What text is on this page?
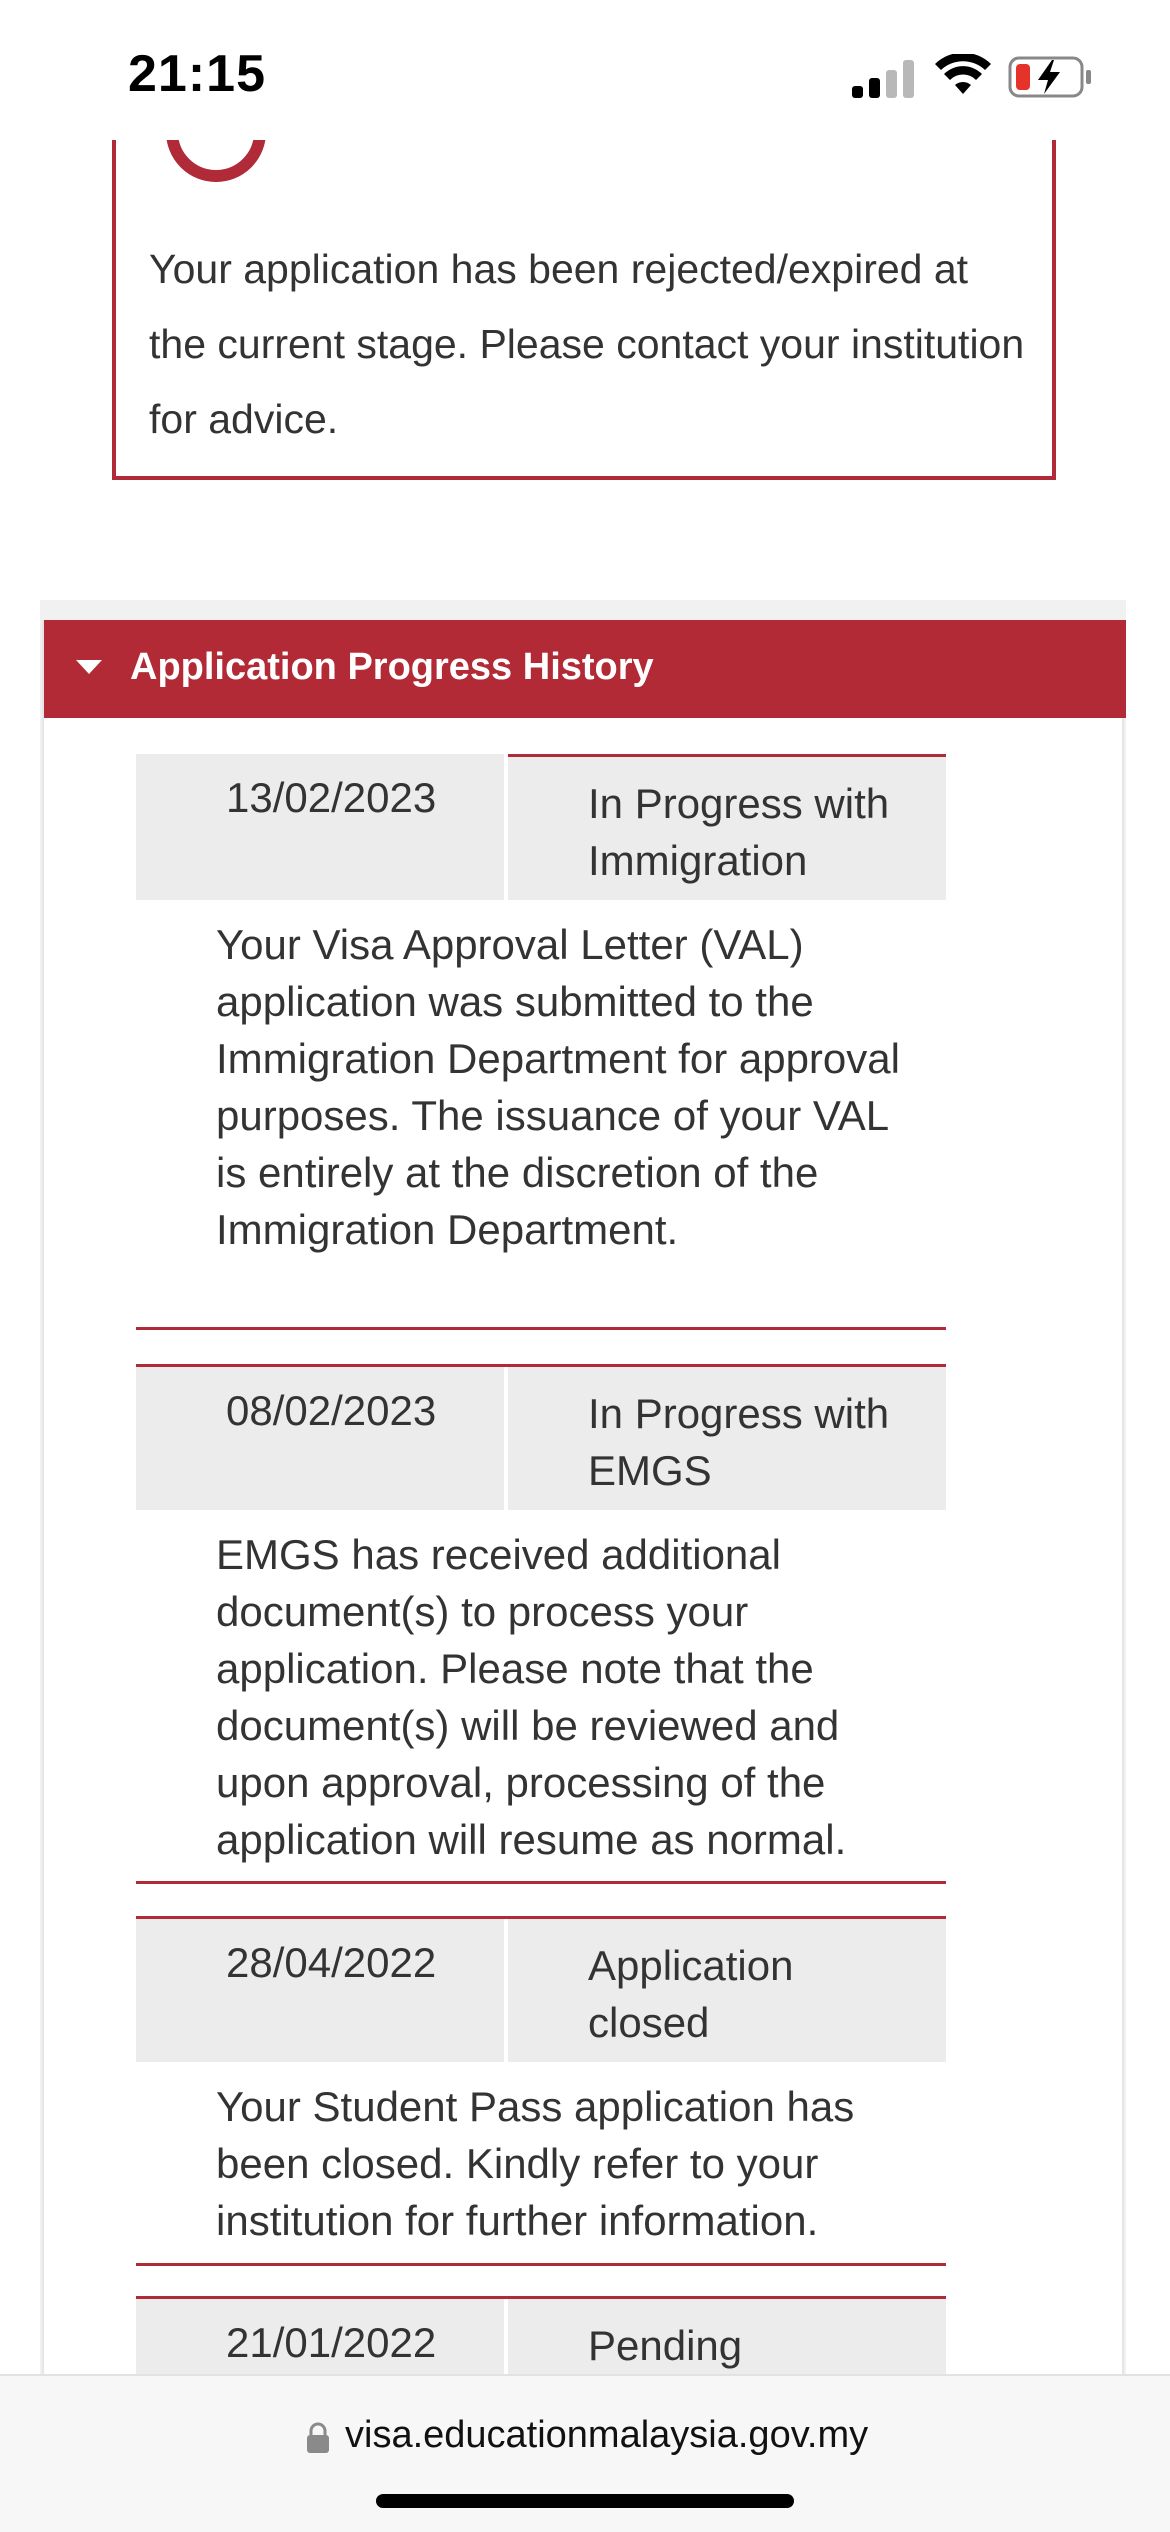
21:15
Your application has been rejected/expired at the current stage. Please contact your institution for advice.
Application Progress History
13/02/2023	In Progress with
Immigration
Your Visa Approval Letter (VAL) application was submitted to the Immigration Department for approval purposes. The issuance of your VAL is entirely at the discretion of the Immigration Department.
08/02/2023	In Progress with
EMGS
EMGS has received additional document(s) to process your application. Please note that the document(s) will be reviewed and upon approval, processing of the application will resume as normal.
28/04/2022	Application
closed
Your Student Pass application has been closed. Kindly refer to your institution for further information.
21/01/2022	Pending
visa.educationmalaysia.gov.my
